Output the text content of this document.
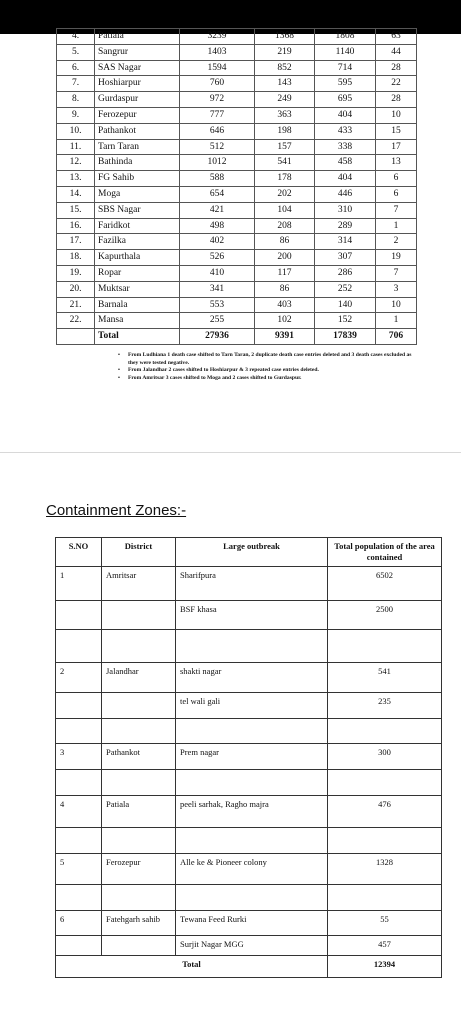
4.	Patiala	3239	1368	1808	63
5.	Sangrur	1403	219	1140	44
6.	SAS Nagar	1594	852	714	28
7.	Hoshiarpur	760	143	595	22
8.	Gurdaspur	972	249	695	28
9.	Ferozepur	777	363	404	10
10.	Pathankot	646	198	433	15
11.	Tarn Taran	512	157	338	17
12.	Bathinda	1012	541	458	13
13.	FG Sahib	588	178	404	6
14.	Moga	654	202	446	6
15.	SBS Nagar	421	104	310	7
16.	Faridkot	498	208	289	1
17.	Fazilka	402	86	314	2
18.	Kapurthala	526	200	307	19
19.	Ropar	410	117	286	7
20.	Muktsar	341	86	252	3
21.	Barnala	553	403	140	10
22.	Mansa	255	102	152	1
	Total	27936	9391	17839	706
• From Ludhiana 1 death case shifted to Tarn Taran, 2 duplicate death case entries deleted and 3 death cases excluded as they were tested negative.
• From Jalandhar 2 cases shifted to Hoshiarpur & 3 repeated case entries deleted.
• From Amritsar 3 cases shifted to Moga and 2 cases shifted to Gurdaspur.
Containment Zones:-
S.NO	District	Large outbreak	Total population of the area contained
1	Amritsar	Sharifpura	6502
		BSF khasa	2500

2	Jalandhar	shakti nagar	541
		tel wali gali	235

3	Pathankot	Prem nagar	300

4	Patiala	peeli sarhak, Ragho majra	476

5	Ferozepur	Alle ke & Pioneer colony	1328

6	Fatehgarh sahib	Tewana Feed Rurki	55
		Surjit Nagar MGG	457
Total			12394
